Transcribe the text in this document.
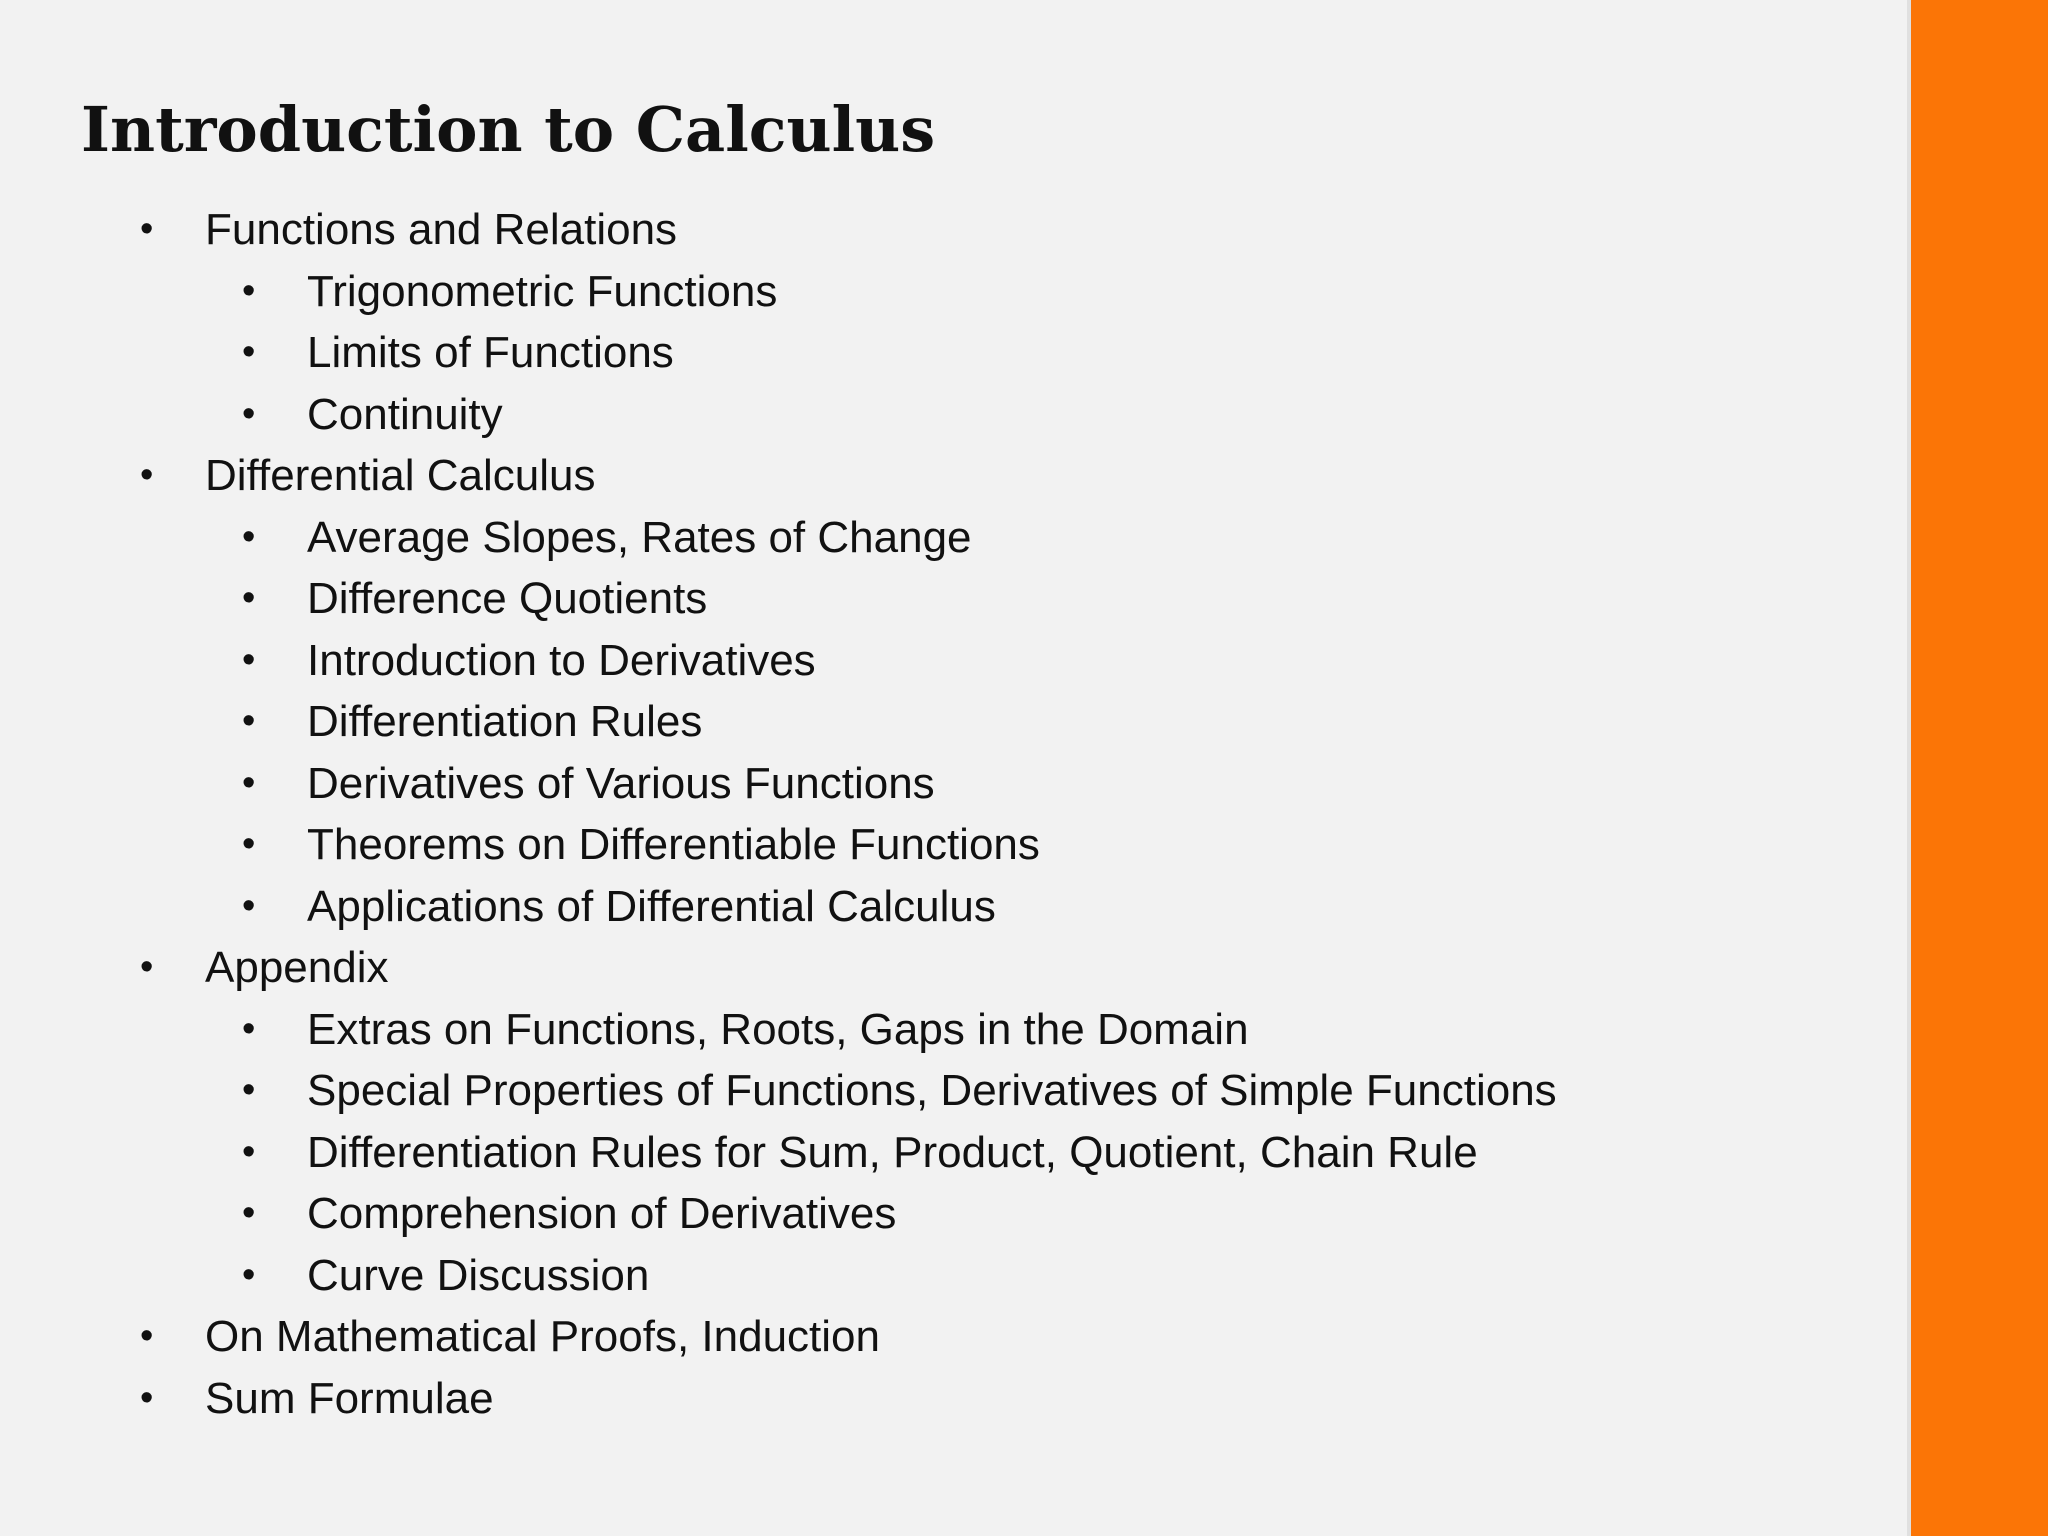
Introduction to Calculus
• Functions and Relations
• Trigonometric Functions
• Limits of Functions
• Continuity
• Differential Calculus
• Average Slopes, Rates of Change
• Difference Quotients
• Introduction to Derivatives
• Differentiation Rules
• Derivatives of Various Functions
• Theorems on Differentiable Functions
• Applications of Differential Calculus
• Appendix
• Extras on Functions, Roots, Gaps in the Domain
• Special Properties of Functions, Derivatives of Simple Functions
• Differentiation Rules for Sum, Product, Quotient, Chain Rule
• Comprehension of Derivatives
• Curve Discussion
• On Mathematical Proofs, Induction
• Sum Formulae
